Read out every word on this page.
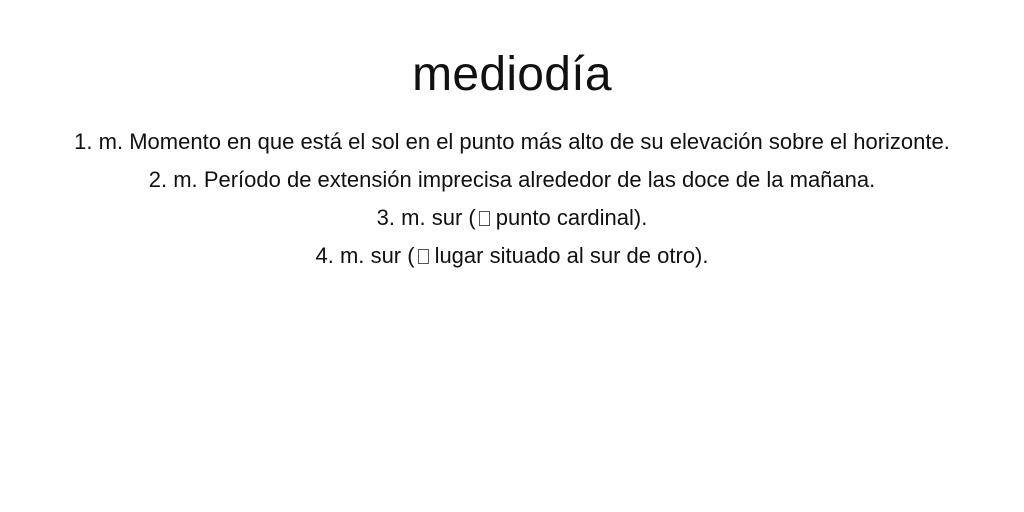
mediodía
1. m. Momento en que está el sol en el punto más alto de su elevación sobre el horizonte.
2. m. Período de extensión imprecisa alrededor de las doce de la mañana.
3. m. sur ( punto cardinal).
4. m. sur ( lugar situado al sur de otro).
